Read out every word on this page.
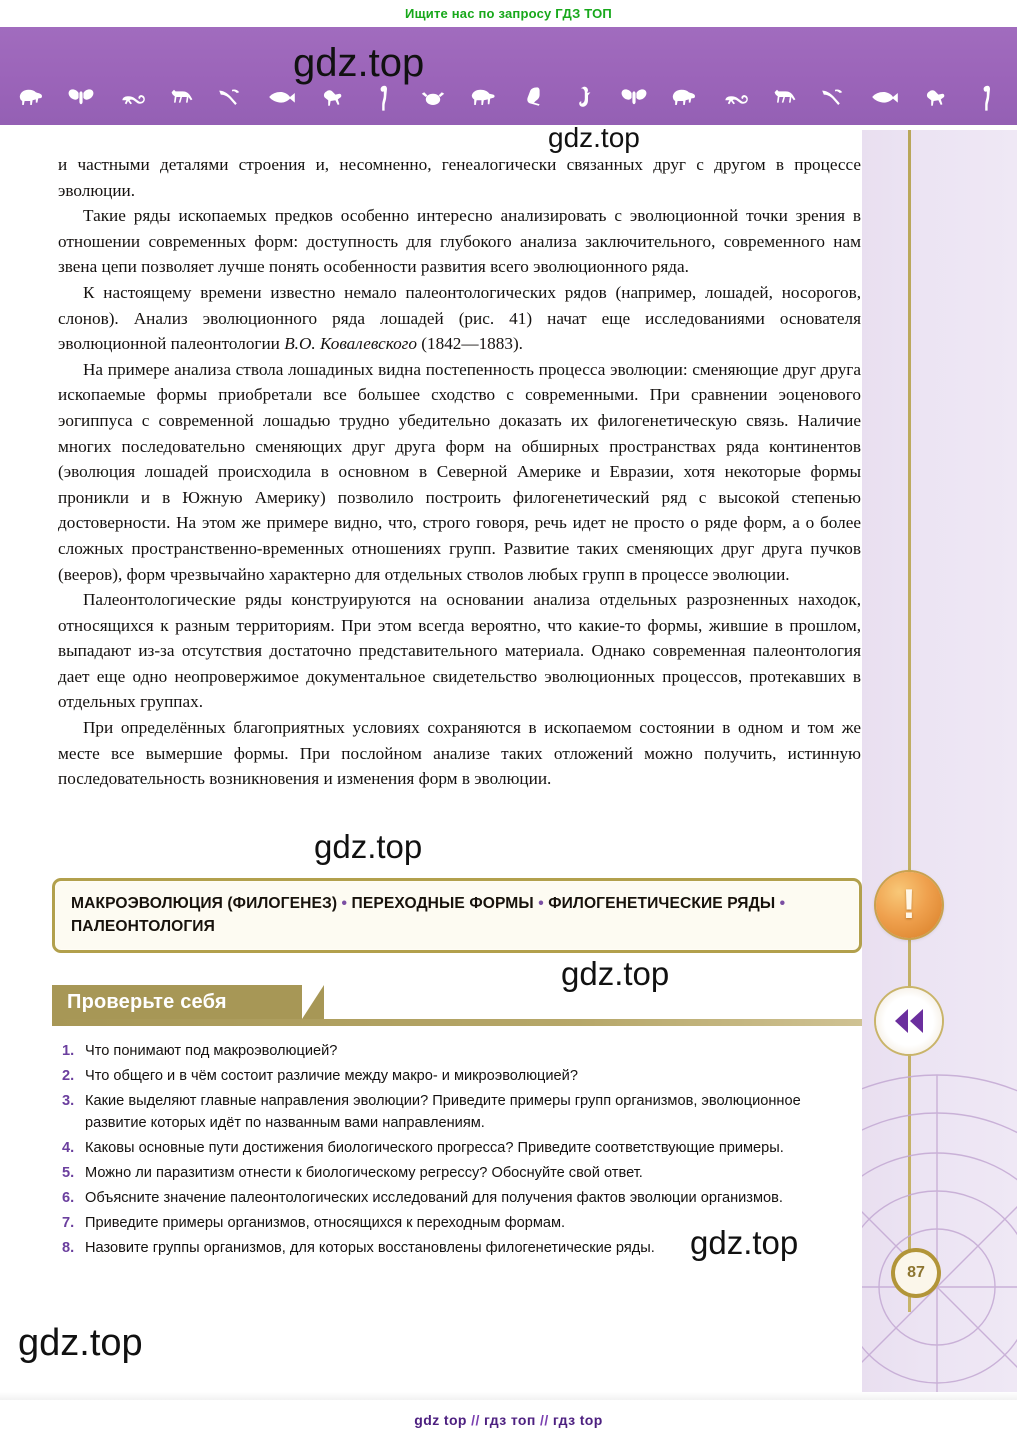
Ищите нас по запросу ГДЗ ТОП
!
87

и частными деталями строения и, несомненно, генеалогически связанных друг с другом в процессе эволюции.

Такие ряды ископаемых предков особенно интересно анализировать с эволюционной точки зрения в отношении современных форм: доступность для глубокого анализа заключительного, современного нам звена цепи позволяет лучше понять особенности развития всего эволюционного ряда.

К настоящему времени известно немало палеонтологических рядов (например, лошадей, носорогов, слонов). Анализ эволюционного ряда лошадей (рис. 41) начат еще исследованиями основателя эволюционной палеонтологии В.О. Ковалевского (1842—1883).

На примере анализа ствола лошадиных видна постепенность процесса эволюции: сменяющие друг друга ископаемые формы приобретали все большее сходство с современными. При сравнении эоценового эогиппуса с современной лошадью трудно убедительно доказать их филогенетическую связь. Наличие многих последовательно сменяющих друг друга форм на обширных пространствах ряда континентов (эволюция лошадей происходила в основном в Северной Америке и Евразии, хотя некоторые формы проникли и в Южную Америку) позволило построить филогенетический ряд с высокой степенью достоверности. На этом же примере видно, что, строго говоря, речь идет не просто о ряде форм, а о более сложных пространственно-временных отношениях групп. Развитие таких сменяющих друг друга пучков (вееров), форм чрезвычайно характерно для отдельных стволов любых групп в процессе эволюции.

Палеонтологические ряды конструируются на основании анализа отдельных разрозненных находок, относящихся к разным территориям. При этом всегда вероятно, что какие-то формы, жившие в прошлом, выпадают из-за отсутствия достаточно представительного материала. Однако современная палеонтология дает еще одно неопровержимое документальное свидетельство эволюционных процессов, протекавших в отдельных группах.

При определённых благоприятных условиях сохраняются в ископаемом состоянии в одном и том же месте все вымершие формы. При послойном анализе таких отложений можно получить, истинную последовательность возникновения и изменения форм в эволюции.

МАКРОЭВОЛЮЦИЯ (ФИЛОГЕНЕЗ) • ПЕРЕХОДНЫЕ ФОРМЫ • ФИЛОГЕНЕТИЧЕСКИЕ РЯДЫ • ПАЛЕОНТОЛОГИЯ
Проверьте себя
Что понимают под макроэволюцией?
Что общего и в чём состоит различие между макро- и микроэволюцией?
Какие выделяют главные направления эволюции? Приведите примеры групп организмов, эволюционное развитие которых идёт по названным вами направлениям.
Каковы основные пути достижения биологического прогресса? Приведите соответствующие примеры.
Можно ли паразитизм отнести к биологическому регрессу? Обоснуйте свой ответ.
Объясните значение палеонтологических исследований для получения фактов эволюции организмов.
Приведите примеры организмов, относящихся к переходным формам.
Назовите группы организмов, для которых восстановлены филогенетические ряды.
gdz.top
gdz.top
gdz.top
gdz.top
gdz.top
gdz.top
gdz top // гдз топ // гдз top
